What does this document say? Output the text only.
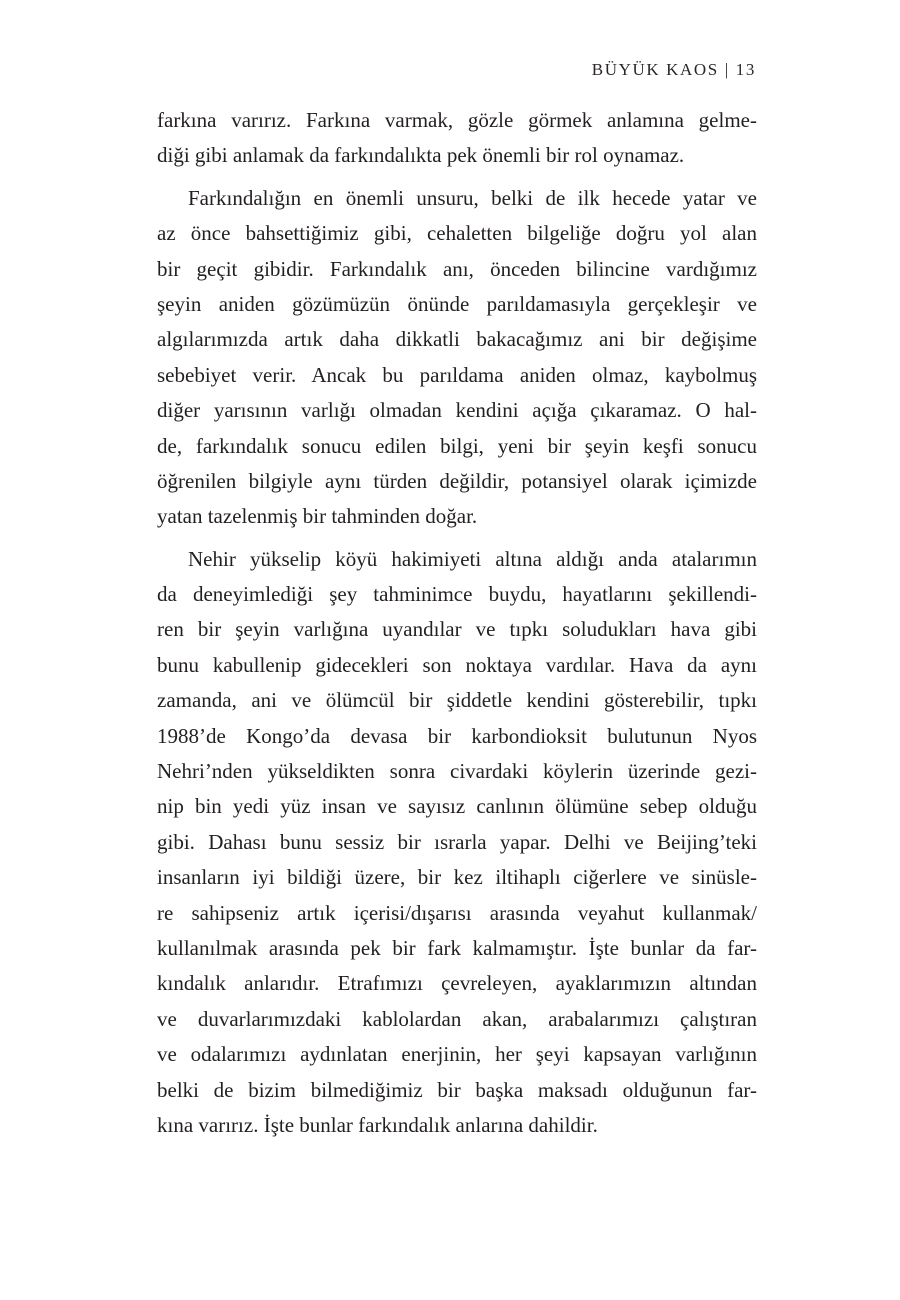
BÜYÜK KAOS | 13
farkına varırız. Farkına varmak, gözle görmek anlamına gelme-
diği gibi anlamak da farkındalıkta pek önemli bir rol oynamaz.
Farkındalığın en önemli unsuru, belki de ilk hecede yatar ve
az önce bahsettiğimiz gibi, cehaletten bilgeliğe doğru yol alan
bir geçit gibidir. Farkındalık anı, önceden bilincine vardığımız
şeyin aniden gözümüzün önünde parıldamasıyla gerçekleşir ve
algılarımızda artık daha dikkatli bakacağımız ani bir değişime
sebebiyet verir. Ancak bu parıldama aniden olmaz, kaybolmuş
diğer yarısının varlığı olmadan kendini açığa çıkaramaz. O hal-
de, farkındalık sonucu edilen bilgi, yeni bir şeyin keşfi sonucu
öğrenilen bilgiyle aynı türden değildir, potansiyel olarak içimizde
yatan tazelenmiş bir tahminden doğar.
Nehir yükselip köyü hakimiyeti altına aldığı anda atalarımın
da deneyimlediği şey tahminimce buydu, hayatlarını şekillendi-
ren bir şeyin varlığına uyandılar ve tıpkı soludukları hava gibi
bunu kabullenip gidecekleri son noktaya vardılar. Hava da aynı
zamanda, ani ve ölümcül bir şiddetle kendini gösterebilir, tıpkı
1988’de Kongo’da devasa bir karbondioksit bulutunun Nyos
Nehri’nden yükseldikten sonra civardaki köylerin üzerinde gezi-
nip bin yedi yüz insan ve sayısız canlının ölümüne sebep olduğu
gibi. Dahası bunu sessiz bir ısrarla yapar. Delhi ve Beijing’teki
insanların iyi bildiği üzere, bir kez iltihaplı ciğerlere ve sinüsle-
re sahipseniz artık içerisi/dışarısı arasında veyahut kullanmak/
kullanılmak arasında pek bir fark kalmamıştır. İşte bunlar da far-
kındalık anlarıdır. Etrafımızı çevreleyen, ayaklarımızın altından
ve duvarlarımızdaki kablolardan akan, arabalarımızı çalıştıran
ve odalarımızı aydınlatan enerjinin, her şeyi kapsayan varlığının
belki de bizim bilmediğimiz bir başka maksadı olduğunun far-
kına varırız. İşte bunlar farkındalık anlarına dahildir.
